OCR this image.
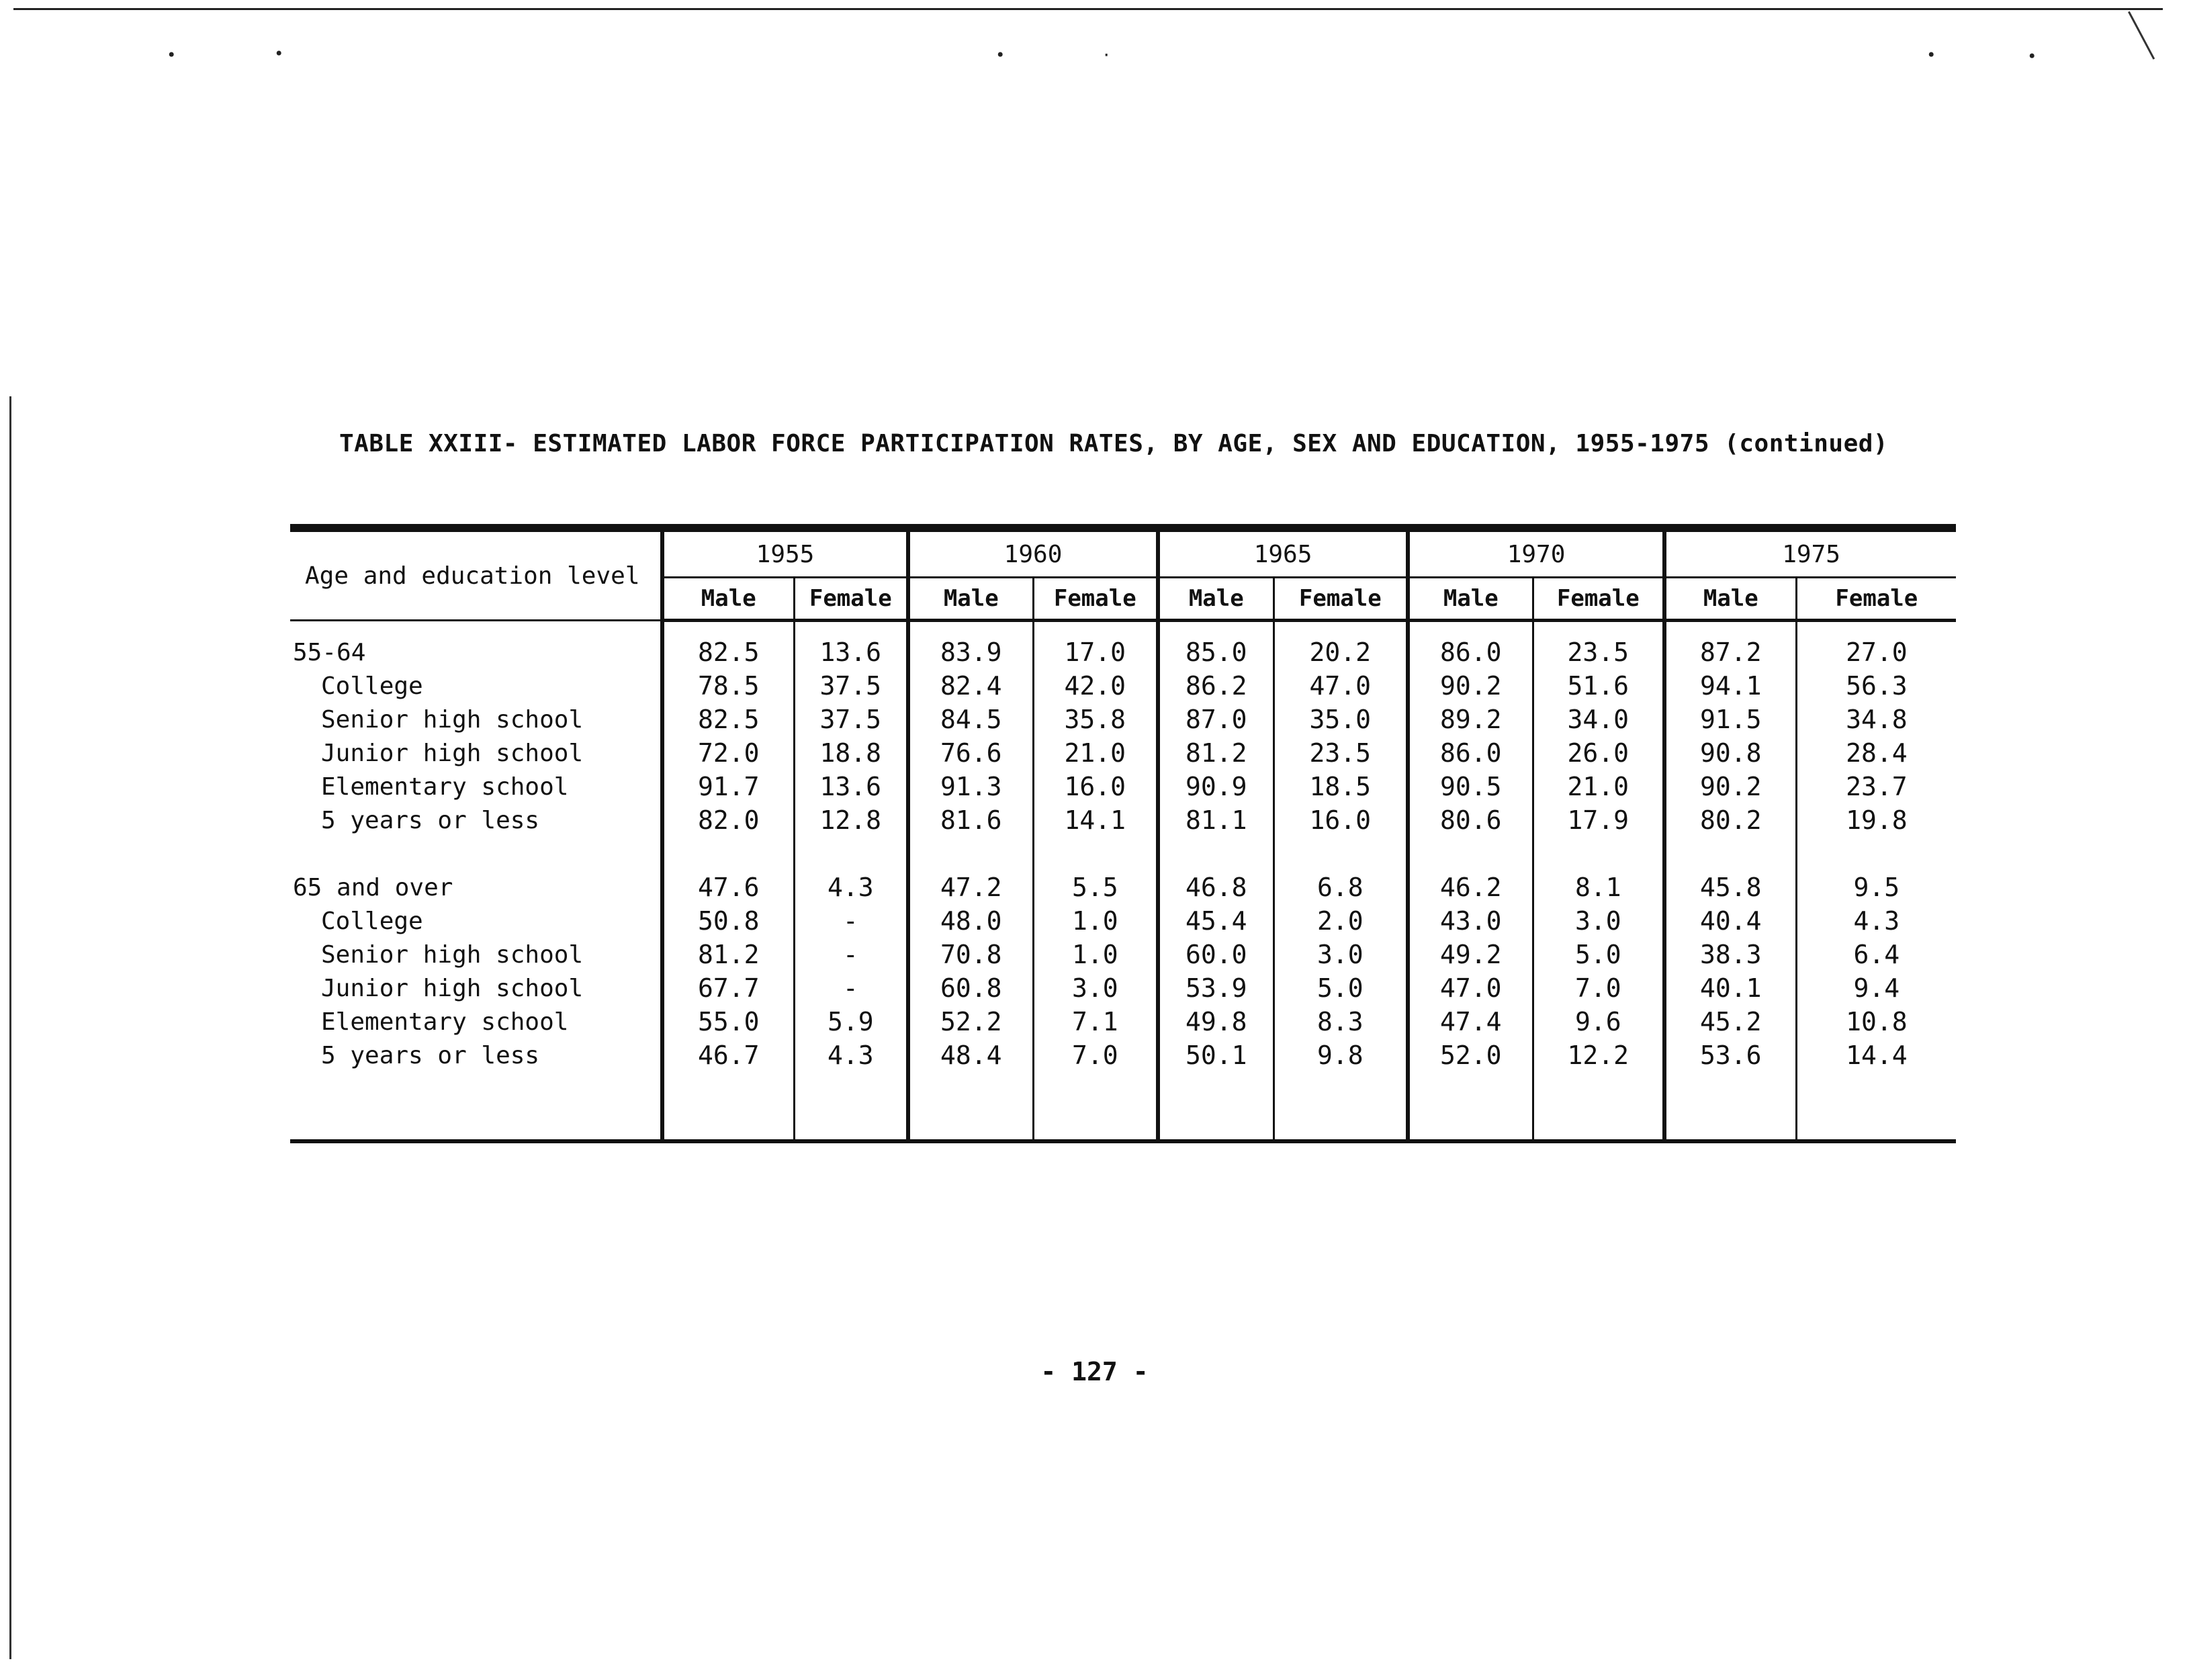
•	•	•	·	•	•
TABLE XXIII- ESTIMATED LABOR FORCE PARTICIPATION RATES, BY AGE, SEX AND EDUCATION, 1955-1975 (continued)
Age and education level	1955		1960		1965		1970		1975	
	Male	Female	Male	Female	Male	Female	Male	Female	Male	Female

55-64	82.5	13.6	83.9	17.0	85.0	20.2	86.0	23.5	87.2	27.0
College	78.5	37.5	82.4	42.0	86.2	47.0	90.2	51.6	94.1	56.3
Senior high school	82.5	37.5	84.5	35.8	87.0	35.0	89.2	34.0	91.5	34.8
Junior high school	72.0	18.8	76.6	21.0	81.2	23.5	86.0	26.0	90.8	28.4
Elementary school	91.7	13.6	91.3	16.0	90.9	18.5	90.5	21.0	90.2	23.7
5 years or less	82.0	12.8	81.6	14.1	81.1	16.0	80.6	17.9	80.2	19.8

65 and over	47.6	4.3	47.2	5.5	46.8	6.8	46.2	8.1	45.8	9.5
College	50.8	-	48.0	1.0	45.4	2.0	43.0	3.0	40.4	4.3
Senior high school	81.2	-	70.8	1.0	60.0	3.0	49.2	5.0	38.3	6.4
Junior high school	67.7	-	60.8	3.0	53.9	5.0	47.0	7.0	40.1	9.4
Elementary school	55.0	5.9	52.2	7.1	49.8	8.3	47.4	9.6	45.2	10.8
5 years or less	46.7	4.3	48.4	7.0	50.1	9.8	52.0	12.2	53.6	14.4

- 127 -
